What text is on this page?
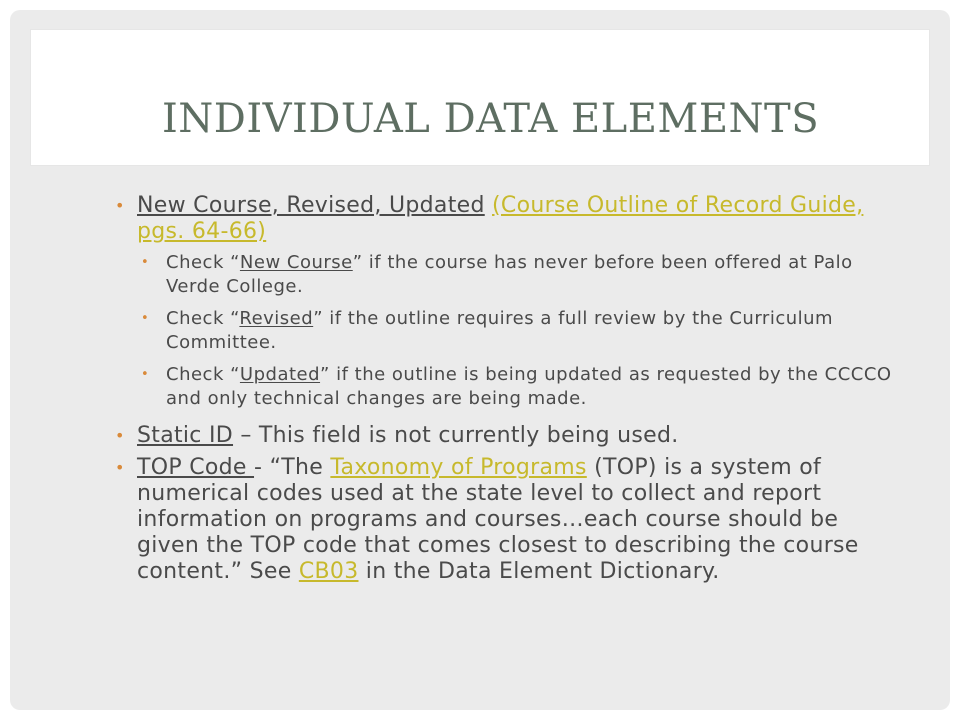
INDIVIDUAL DATA ELEMENTS
• New Course, Revised, Updated (Course Outline of Record Guide, pgs. 64-66)
• Check “New Course” if the course has never before been offered at Palo Verde College.
• Check “Revised” if the outline requires a full review by the Curriculum Committee.
• Check “Updated” if the outline is being updated as requested by the CCCCO and only technical changes are being made.
• Static ID – This field is not currently being used.
• TOP Code - “The Taxonomy of Programs (TOP) is a system of numerical codes used at the state level to collect and report information on programs and courses…each course should be given the TOP code that comes closest to describing the course content.” See CB03 in the Data Element Dictionary.
